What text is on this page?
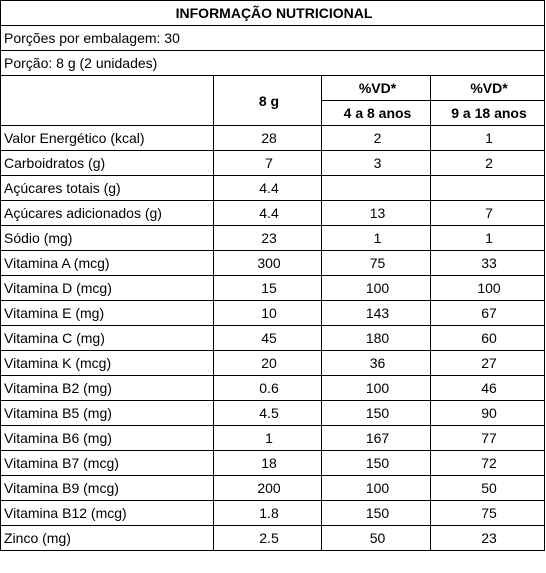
INFORMAÇÃO NUTRICIONAL			
Porções por embalagem: 30			
Porção: 8 g (2 unidades)			
	8 g	%VD*	%VD*
		4 a 8 anos	9 a 18 anos
Valor Energético (kcal)	28	2	1
Carboidratos (g)	7	3	2
Açúcares totais (g)	4.4		
Açúcares adicionados (g)	4.4	13	7
Sódio (mg)	23	1	1
Vitamina A (mcg)	300	75	33
Vitamina D (mcg)	15	100	100
Vitamina E (mg)	10	143	67
Vitamina C (mg)	45	180	60
Vitamina K (mcg)	20	36	27
Vitamina B2 (mg)	0.6	100	46
Vitamina B5 (mg)	4.5	150	90
Vitamina B6 (mg)	1	167	77
Vitamina B7 (mcg)	18	150	72
Vitamina B9 (mcg)	200	100	50
Vitamina B12 (mcg)	1.8	150	75
Zinco (mg)	2.5	50	23
